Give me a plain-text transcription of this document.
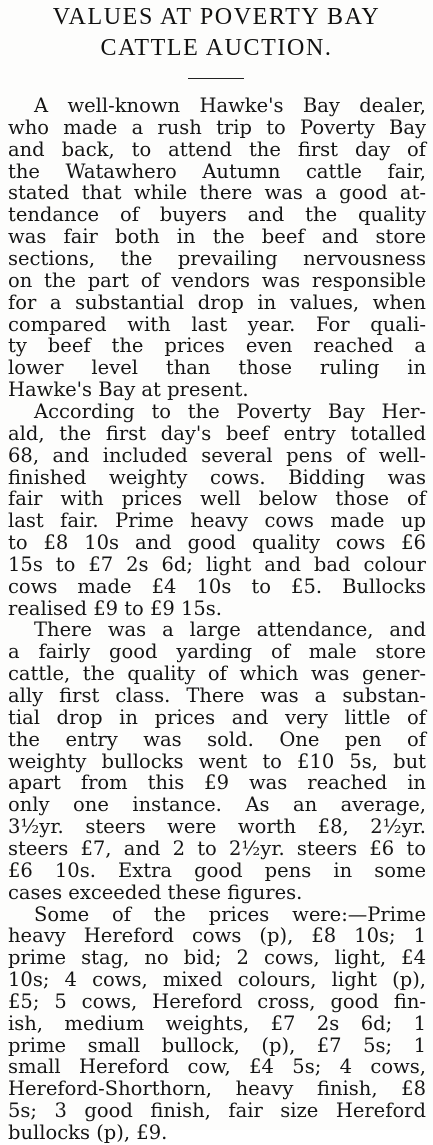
VALUES AT POVERTY BAY
CATTLE AUCTION.
A well-known Hawke's Bay dealer,
who made a rush trip to Poverty Bay
and back, to attend the first day of
the Watawhero Autumn cattle fair,
stated that while there was a good at-
tendance of buyers and the quality
was fair both in the beef and store
sections, the prevailing nervousness
on the part of vendors was responsible
for a substantial drop in values, when
compared with last year. For quali-
ty beef the prices even reached a
lower level than those ruling in
Hawke's Bay at present.
According to the Poverty Bay Her-
ald, the first day's beef entry totalled
68, and included several pens of well-
finished weighty cows. Bidding was
fair with prices well below those of
last fair. Prime heavy cows made up
to £8 10s and good quality cows £6
15s to £7 2s 6d; light and bad colour
cows made £4 10s to £5. Bullocks
realised £9 to £9 15s.
There was a large attendance, and
a fairly good yarding of male store
cattle, the quality of which was gener-
ally first class. There was a substan-
tial drop in prices and very little of
the entry was sold. One pen of
weighty bullocks went to £10 5s, but
apart from this £9 was reached in
only one instance. As an average,
3½yr. steers were worth £8, 2½yr.
steers £7, and 2 to 2½yr. steers £6 to
£6 10s. Extra good pens in some
cases exceeded these figures.
Some of the prices were:—Prime
heavy Hereford cows (p), £8 10s; 1
prime stag, no bid; 2 cows, light, £4
10s; 4 cows, mixed colours, light (p),
£5; 5 cows, Hereford cross, good fin-
ish, medium weights, £7 2s 6d; 1
prime small bullock, (p), £7 5s; 1
small Hereford cow, £4 5s; 4 cows,
Hereford-Shorthorn, heavy finish, £8
5s; 3 good finish, fair size Hereford
bullocks (p), £9.
